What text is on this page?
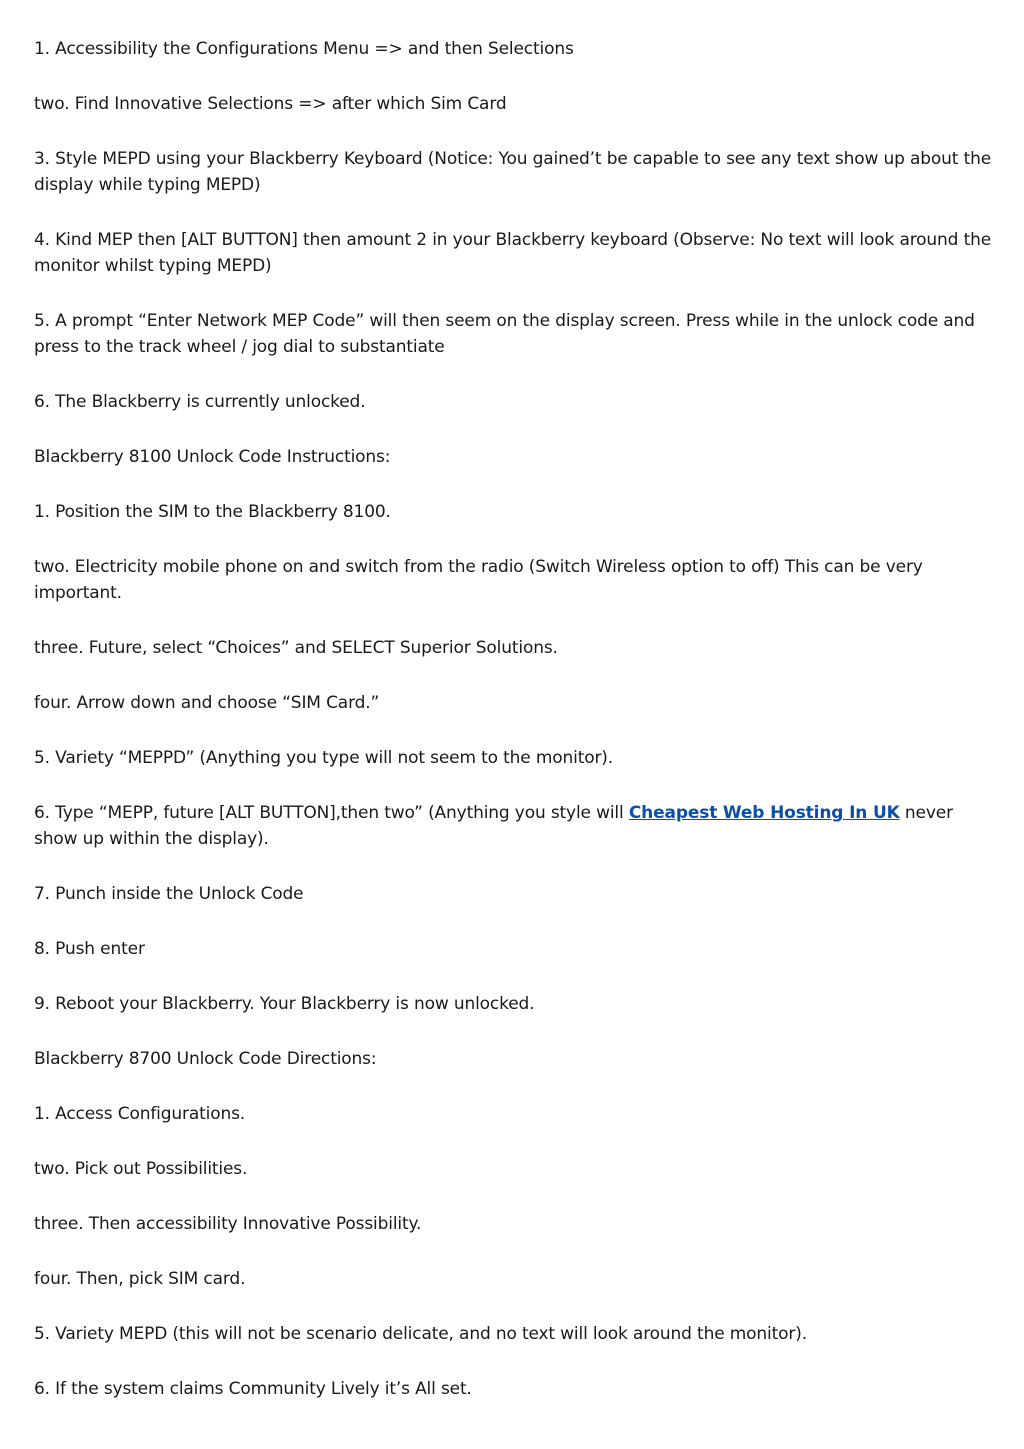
1. Accessibility the Configurations Menu => and then Selections

two. Find Innovative Selections => after which Sim Card

3. Style MEPD using your Blackberry Keyboard (Notice: You gained’t be capable to see any text show up about the display while typing MEPD)

4. Kind MEP then [ALT BUTTON] then amount 2 in your Blackberry keyboard (Observe: No text will look around the monitor whilst typing MEPD)

5. A prompt “Enter Network MEP Code” will then seem on the display screen. Press while in the unlock code and press to the track wheel / jog dial to substantiate

6. The Blackberry is currently unlocked.

Blackberry 8100 Unlock Code Instructions:

1. Position the SIM to the Blackberry 8100.

two. Electricity mobile phone on and switch from the radio (Switch Wireless option to off) This can be very important.

three. Future, select “Choices” and SELECT Superior Solutions.

four. Arrow down and choose “SIM Card.”

5. Variety “MEPPD” (Anything you type will not seem to the monitor).

6. Type “MEPP, future [ALT BUTTON],then two” (Anything you style will Cheapest Web Hosting In UK never show up within the display).

7. Punch inside the Unlock Code

8. Push enter

9. Reboot your Blackberry. Your Blackberry is now unlocked.

Blackberry 8700 Unlock Code Directions:

1. Access Configurations.

two. Pick out Possibilities.

three. Then accessibility Innovative Possibility.

four. Then, pick SIM card.

5. Variety MEPD (this will not be scenario delicate, and no text will look around the monitor).

6. If the system claims Community Lively it’s All set.
